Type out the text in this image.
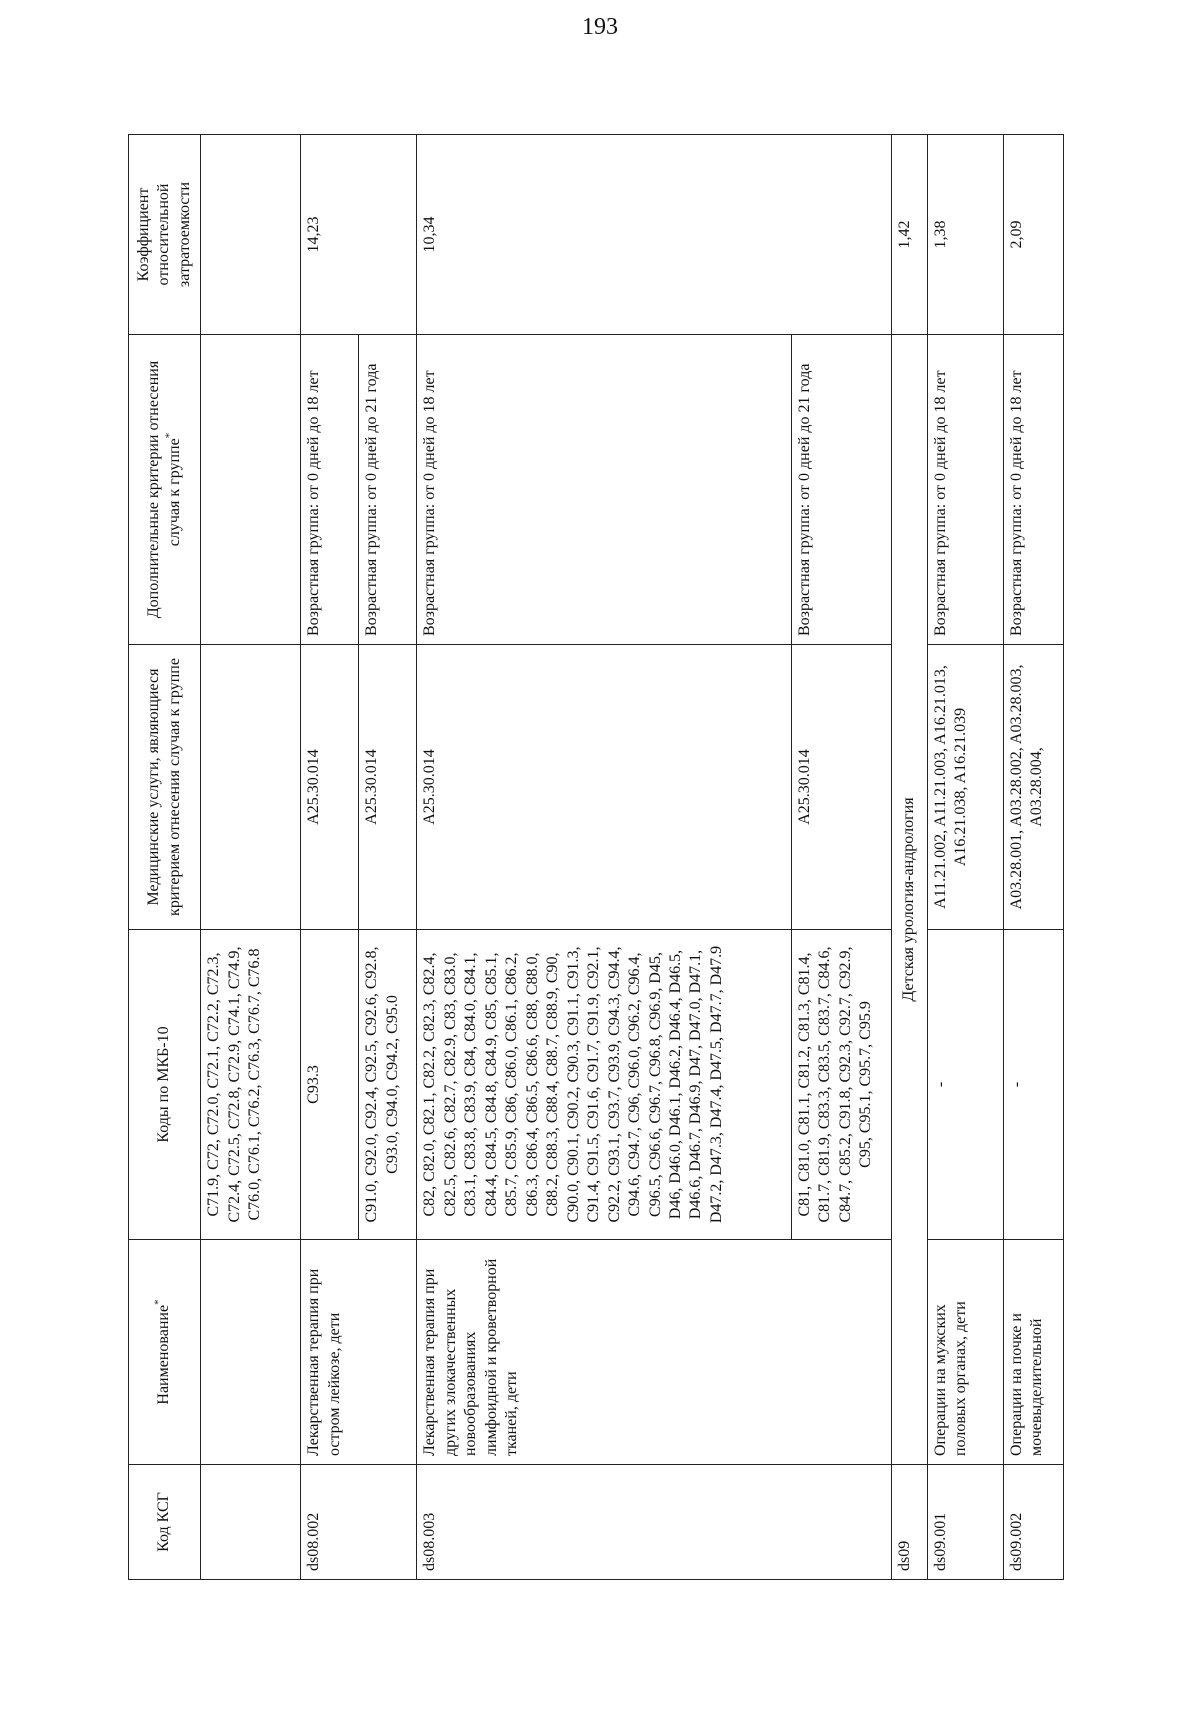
193
Код КСГ	Наименование*	Коды по МКБ-10	Медицинские услуги, являющиеся критерием отнесения случая к группе	Дополнительные критерии отнесения случая к группе*	Коэффициент относительной затратоемкости
		C71.9, C72, C72.0, C72.1, C72.2, C72.3, C72.4, C72.5, C72.8, C72.9, C74.1, C74.9, C76.0, C76.1, C76.2, C76.3, C76.7, C76.8			
ds08.002	Лекарственная терапия при остром лейкозе, дети	C93.3	A25.30.014	Возрастная группа: от 0 дней до 18 лет	14,23
		C91.0, C92.0, C92.4, C92.5, C92.6, C92.8, C93.0, C94.0, C94.2, C95.0	A25.30.014	Возрастная группа: от 0 дней до 21 года	
ds08.003	Лекарственная терапия при других злокачественных новообразованиях лимфоидной и кроветворной тканей, дети	C82, C82.0, C82.1, C82.2, C82.3, C82.4, C82.5, C82.6, C82.7, C82.9, C83, C83.0, C83.1, C83.8, C83.9, C84, C84.0, C84.1, C84.4, C84.5, C84.8, C84.9, C85, C85.1, C85.7, C85.9, C86, C86.0, C86.1, C86.2, C86.3, C86.4, C86.5, C86.6, C88, C88.0, C88.2, C88.3, C88.4, C88.7, C88.9, C90, C90.0, C90.1, C90.2, C90.3, C91.1, C91.3, C91.4, C91.5, C91.6, C91.7, C91.9, C92.1, C92.2, C93.1, C93.7, C93.9, C94.3, C94.4, C94.6, C94.7, C96, C96.0, C96.2, C96.4, C96.5, C96.6, C96.7, C96.8, C96.9, D45, D46, D46.0, D46.1, D46.2, D46.4, D46.5, D46.6, D46.7, D46.9, D47, D47.0, D47.1, D47.2, D47.3, D47.4, D47.5, D47.7, D47.9	A25.30.014	Возрастная группа: от 0 дней до 18 лет	10,34
		C81, C81.0, C81.1, C81.2, C81.3, C81.4, C81.7, C81.9, C83.3, C83.5, C83.7, C84.6, C84.7, C85.2, C91.8, C92.3, C92.7, C92.9, C95, C95.1, C95.7, C95.9	A25.30.014	Возрастная группа: от 0 дней до 21 года	
ds09	Детская урология-андрология				1,42
ds09.001	Операции на мужских половых органах, дети	-	A11.21.002, A11.21.003, A16.21.013, A16.21.038, A16.21.039	Возрастная группа: от 0 дней до 18 лет	1,38
ds09.002	Операции на почке и мочевыделительной	-	A03.28.001, A03.28.002, A03.28.003, A03.28.004,	Возрастная группа: от 0 дней до 18 лет	2,09
